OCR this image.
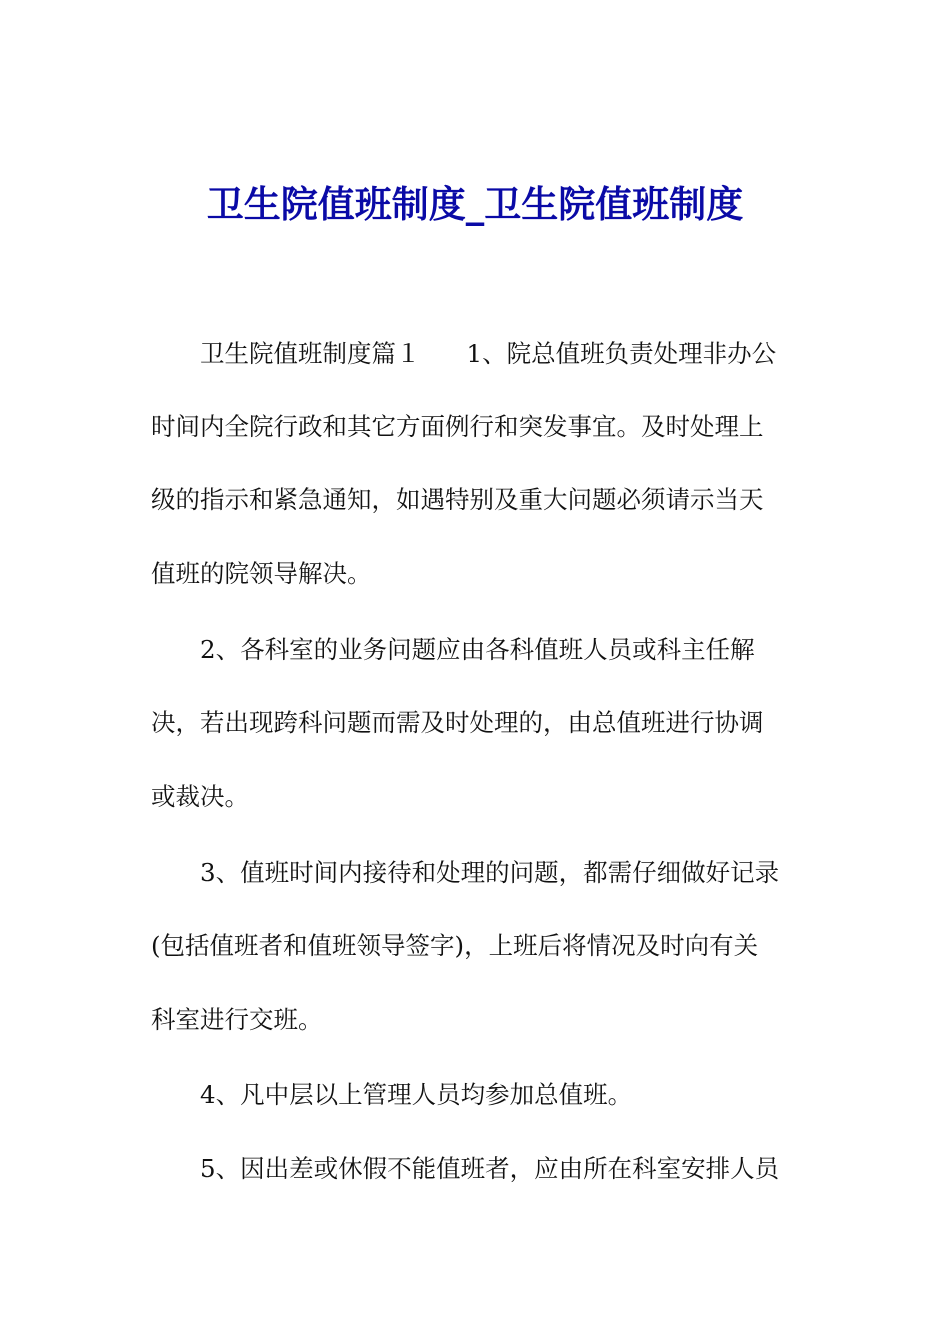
卫生院值班制度_卫生院值班制度

卫生院值班制度篇１ 1、院总值班负责处理非办公

时间内全院行政和其它方面例行和突发事宜。及时处理上

级的指示和紧急通知，如遇特别及重大问题必须请示当天

值班的院领导解决。

2、各科室的业务问题应由各科值班人员或科主任解

决，若出现跨科问题而需及时处理的，由总值班进行协调

或裁决。

3、值班时间内接待和处理的问题，都需仔细做好记录

(包括值班者和值班领导签字)，上班后将情况及时向有关

科室进行交班。

4、凡中层以上管理人员均参加总值班。

5、因出差或休假不能值班者，应由所在科室安排人员
